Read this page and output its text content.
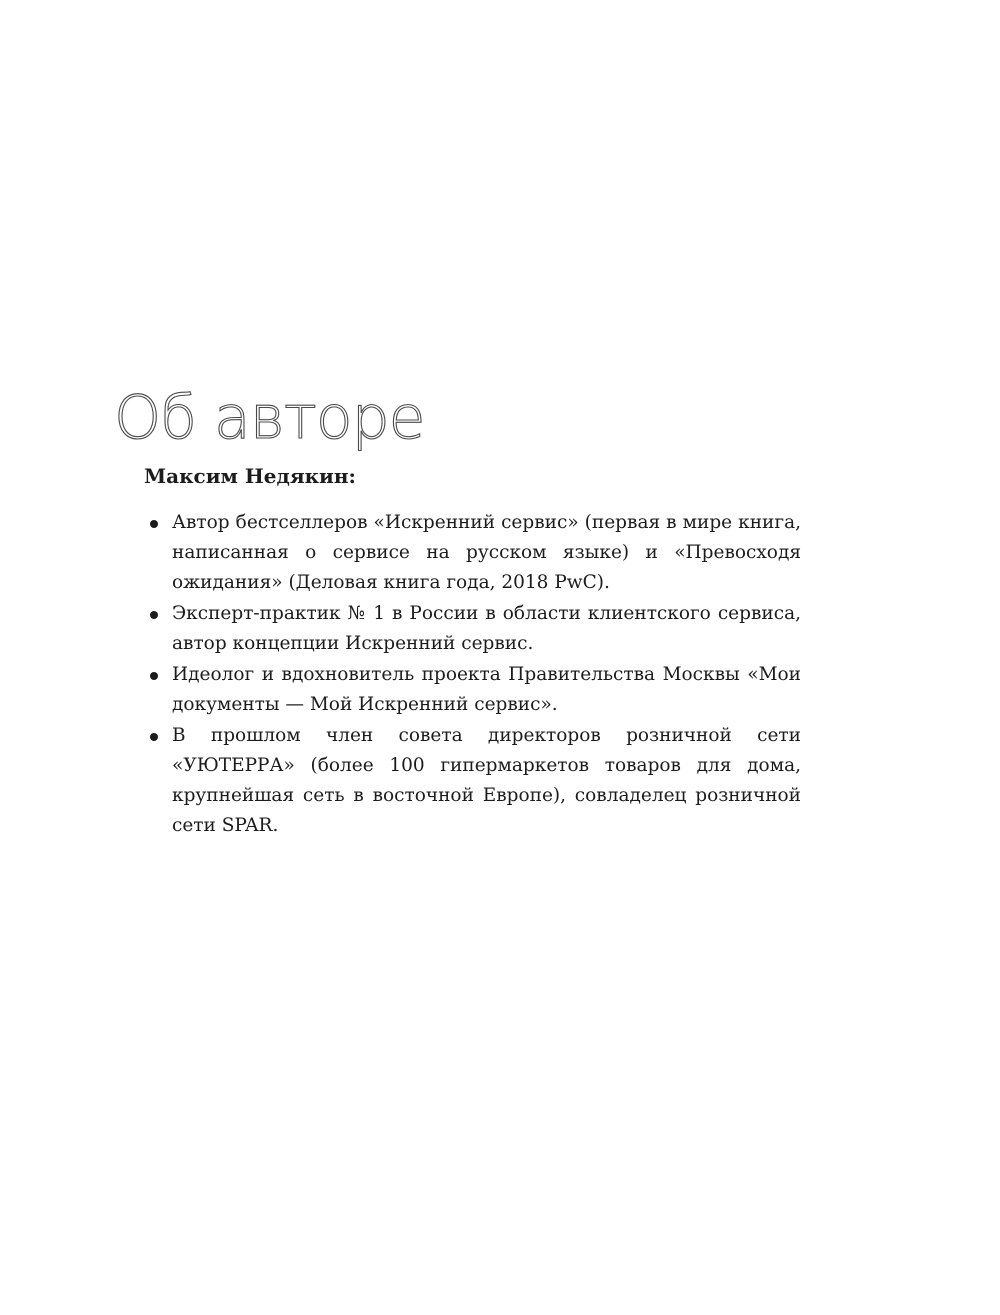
Об авторе

Максим Недякин:

Автор бестселлеров «Искренний сервис» (первая в мире книга, написанная о сервисе на русском языке) и «Превосходя ожидания» (Деловая книга года, 2018 PwC).
Эксперт-практик № 1 в России в области клиентского сервиса, автор концепции Искренний сервис.
Идеолог и вдохновитель проекта Правительства Москвы «Мои документы — Мой Искренний сервис».
В прошлом член совета директоров розничной сети «УЮТЕРРА» (более 100 гипермаркетов товаров для дома, крупнейшая сеть в восточной Европе), совладелец розничной сети SPAR.
